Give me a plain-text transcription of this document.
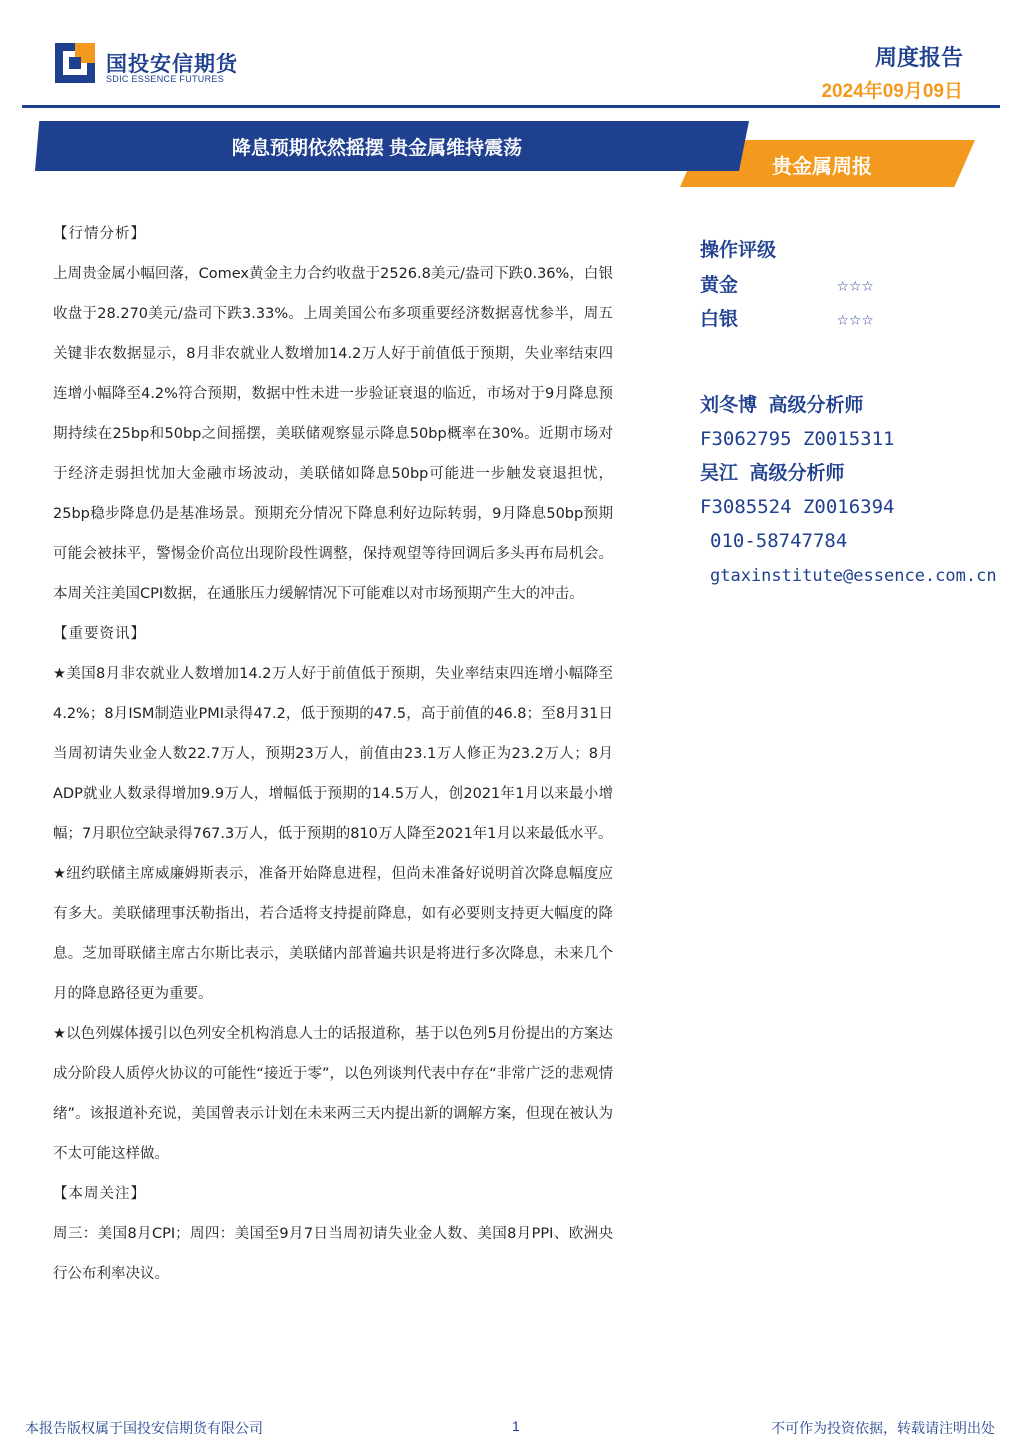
国投安信期货
SDIC ESSENCE FUTURES
周度报告
2024年09月09日
贵金属周报
降息预期依然摇摆 贵金属维持震荡

【行情分析】

上周贵金属小幅回落，Comex黄金主力合约收盘于2526.8美元/盎司下跌0.36%，白银收盘于28.270美元/盎司下跌3.33%。上周美国公布多项重要经济数据喜忧参半，周五关键非农数据显示，8月非农就业人数增加14.2万人好于前值低于预期，失业率结束四连增小幅降至4.2%符合预期，数据中性未进一步验证衰退的临近，市场对于9月降息预期持续在25bp和50bp之间摇摆，美联储观察显示降息50bp概率在30%。近期市场对于经济走弱担忧加大金融市场波动，美联储如降息50bp可能进一步触发衰退担忧，25bp稳步降息仍是基准场景。预期充分情况下降息利好边际转弱，9月降息50bp预期可能会被抹平，警惕金价高位出现阶段性调整，保持观望等待回调后多头再布局机会。本周关注美国CPI数据，在通胀压力缓解情况下可能难以对市场预期产生大的冲击。

【重要资讯】

★美国8月非农就业人数增加14.2万人好于前值低于预期，失业率结束四连增小幅降至4.2%；8月ISM制造业PMI录得47.2，低于预期的47.5，高于前值的46.8；至8月31日当周初请失业金人数22.7万人，预期23万人，前值由23.1万人修正为23.2万人；8月ADP就业人数录得增加9.9万人，增幅低于预期的14.5万人，创2021年1月以来最小增幅；7月职位空缺录得767.3万人，低于预期的810万人降至2021年1月以来最低水平。

★纽约联储主席威廉姆斯表示，准备开始降息进程，但尚未准备好说明首次降息幅度应有多大。美联储理事沃勒指出，若合适将支持提前降息，如有必要则支持更大幅度的降息。芝加哥联储主席古尔斯比表示，美联储内部普遍共识是将进行多次降息，未来几个月的降息路径更为重要。

★以色列媒体援引以色列安全机构消息人士的话报道称，基于以色列5月份提出的方案达成分阶段人质停火协议的可能性“接近于零”，以色列谈判代表中存在“非常广泛的悲观情绪”。该报道补充说，美国曾表示计划在未来两三天内提出新的调解方案，但现在被认为不太可能这样做。

【本周关注】

周三：美国8月CPI；周四：美国至9月7日当周初请失业金人数、美国8月PPI、欧洲央行公布利率决议。

操作评级
黄金	☆☆☆
白银	☆☆☆
刘冬博 高级分析师
F3062795 Z0015311
吴江 高级分析师
F3085524 Z0016394
010-58747784
gtaxinstitute@essence.com.cn
本报告版权属于国投安信期货有限公司	1	不可作为投资依据，转载请注明出处
